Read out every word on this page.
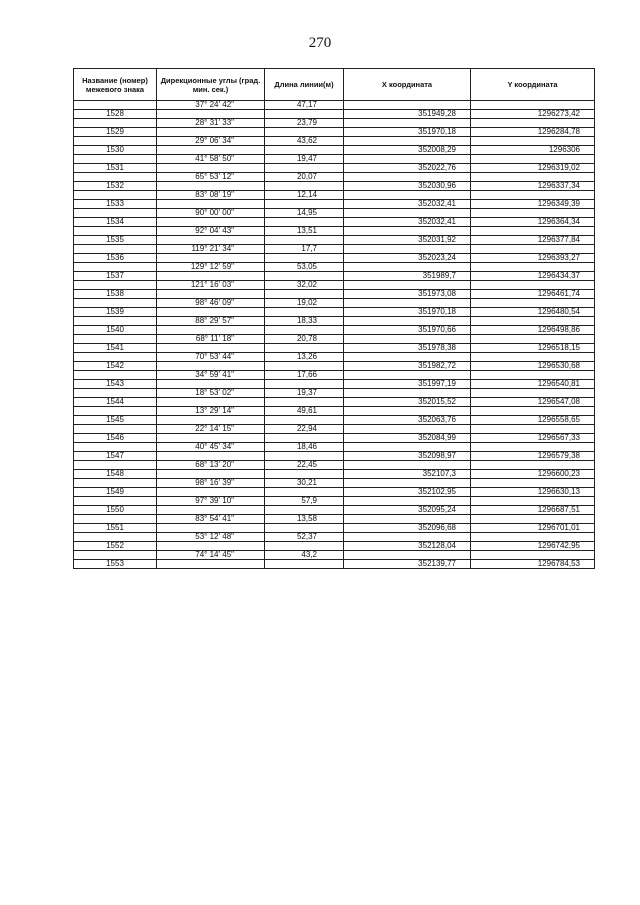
270
Название (номер) межевого знака	Дирекционные углы (град. мин. сек.)	Длина линии(м)	X координата	Y координата
	37° 24' 42"	47,17		
1528			351949,28	1296273,42
	28° 31' 33"	23,79		
1529			351970,18	1296284,78
	29° 06' 34"	43,62		
1530			352008,29	1296306
	41° 58' 50"	19,47		
1531			352022,76	1296319,02
	65° 53' 12"	20,07		
1532			352030,96	1296337,34
	83° 08' 19"	12,14		
1533			352032,41	1296349,39
	90° 00' 00"	14,95		
1534			352032,41	1296364,34
	92° 04' 43"	13,51		
1535			352031,92	1296377,84
	119° 21' 34"	17,7		
1536			352023,24	1296393,27
	129° 12' 59"	53,05		
1537			351989,7	1296434,37
	121° 16' 03"	32,02		
1538			351973,08	1296461,74
	98° 46' 09"	19,02		
1539			351970,18	1296480,54
	88° 29' 57"	18,33		
1540			351970,66	1296498,86
	68° 11' 18"	20,78		
1541			351978,38	1296518,15
	70° 53' 44"	13,26		
1542			351982,72	1296530,68
	34° 59' 41"	17,66		
1543			351997,19	1296540,81
	18° 53' 02"	19,37		
1544			352015,52	1296547,08
	13° 29' 14"	49,61		
1545			352063,76	1296558,65
	22° 14' 15"	22,94		
1546			352084,99	1296567,33
	40° 45' 34"	18,46		
1547			352098,97	1296579,38
	68° 13' 20"	22,45		
1548			352107,3	1296600,23
	98° 16' 39"	30,21		
1549			352102,95	1296630,13
	97° 39' 10"	57,9		
1550			352095,24	1296687,51
	83° 54' 41"	13,58		
1551			352096,68	1296701,01
	53° 12' 48"	52,37		
1552			352128,04	1296742,95
	74° 14' 45"	43,2		
1553			352139,77	1296784,53
